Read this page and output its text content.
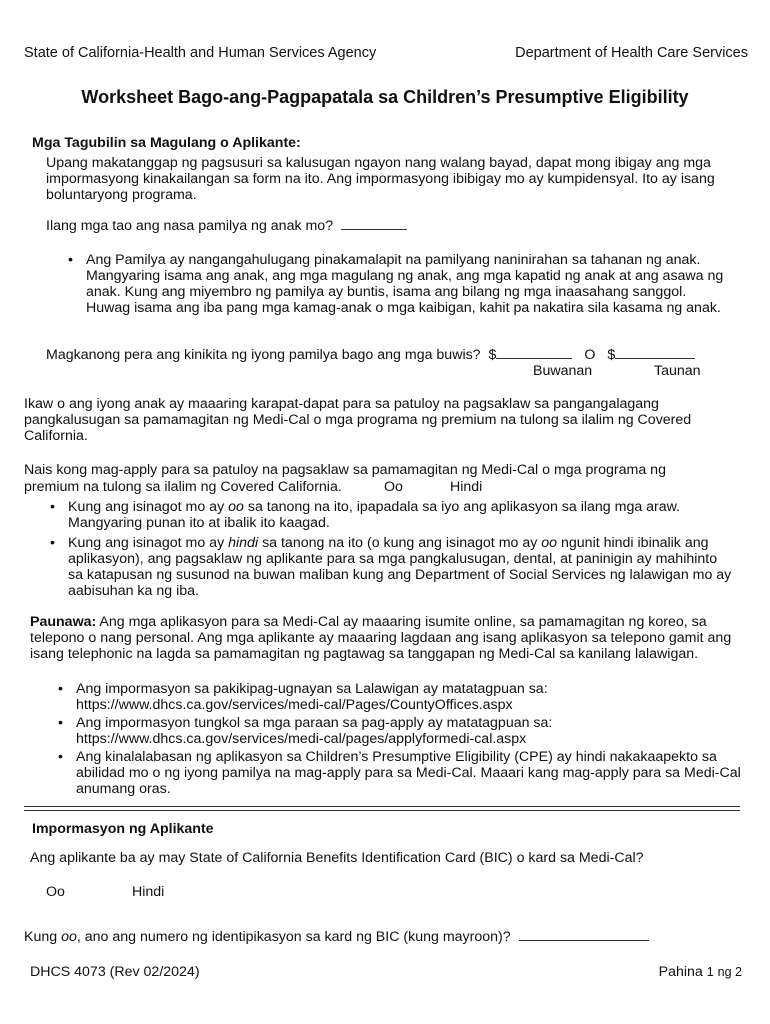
State of California-Health and Human Services Agency	Department of Health Care Services
Worksheet Bago-ang-Pagpapatala sa Children’s Presumptive Eligibility
Mga Tagubilin sa Magulang o Aplikante:
Upang makatanggap ng pagsusuri sa kalusugan ngayon nang walang bayad, dapat mong ibigay ang mga impormasyong kinakailangan sa form na ito. Ang impormasyong ibibigay mo ay kumpidensyal. Ito ay isang boluntaryong programa.
Ilang mga tao ang nasa pamilya ng anak mo?
• Ang Pamilya ay nangangahulugang pinakamalapit na pamilyang naninirahan sa tahanan ng anak. Mangyaring isama ang anak, ang mga magulang ng anak, ang mga kapatid ng anak at ang asawa ng anak. Kung ang miyembro ng pamilya ay buntis, isama ang bilang ng mga inaasahang sanggol. Huwag isama ang iba pang mga kamag-anak o mga kaibigan, kahit pa nakatira sila kasama ng anak.
Magkanong pera ang kinikita ng iyong pamilya bago ang mga buwis? $	O $
Buwanan	Taunan
Ikaw o ang iyong anak ay maaaring karapat-dapat para sa patuloy na pagsaklaw sa pangangalagang pangkalusugan sa pamamagitan ng Medi-Cal o mga programa ng premium na tulong sa ilalim ng Covered California.
Nais kong mag-apply para sa patuloy na pagsaklaw sa pamamagitan ng Medi-Cal o mga programa ng
premium na tulong sa ilalim ng Covered California.	Oo	Hindi
• Kung ang isinagot mo ay oo sa tanong na ito, ipapadala sa iyo ang aplikasyon sa ilang mga araw. Mangyaring punan ito at ibalik ito kaagad.
• Kung ang isinagot mo ay hindi sa tanong na ito (o kung ang isinagot mo ay oo ngunit hindi ibinalik ang aplikasyon), ang pagsaklaw ng aplikante para sa mga pangkalusugan, dental, at paninigin ay mahihinto sa katapusan ng susunod na buwan maliban kung ang Department of Social Services ng lalawigan mo ay aabisuhan ka ng iba.
Paunawa: Ang mga aplikasyon para sa Medi-Cal ay maaaring isumite online, sa pamamagitan ng koreo, sa telepono o nang personal. Ang mga aplikante ay maaaring lagdaan ang isang aplikasyon sa telepono gamit ang isang telephonic na lagda sa pamamagitan ng pagtawag sa tanggapan ng Medi-Cal sa kanilang lalawigan.
• Ang impormasyon sa pakikipag-ugnayan sa Lalawigan ay matatagpuan sa:
https://www.dhcs.ca.gov/services/medi-cal/Pages/CountyOffices.aspx
• Ang impormasyon tungkol sa mga paraan sa pag-apply ay matatagpuan sa:
https://www.dhcs.ca.gov/services/medi-cal/pages/applyformedi-cal.aspx
• Ang kinalalabasan ng aplikasyon sa Children’s Presumptive Eligibility (CPE) ay hindi nakakaapekto sa abilidad mo o ng iyong pamilya na mag-apply para sa Medi-Cal. Maaari kang mag-apply para sa Medi-Cal anumang oras.
Impormasyon ng Aplikante
Ang aplikante ba ay may State of California Benefits Identification Card (BIC) o kard sa Medi-Cal?
Oo	Hindi
Kung oo, ano ang numero ng identipikasyon sa kard ng BIC (kung mayroon)?
DHCS 4073 (Rev 02/2024)	Pahina 1 ng 2
